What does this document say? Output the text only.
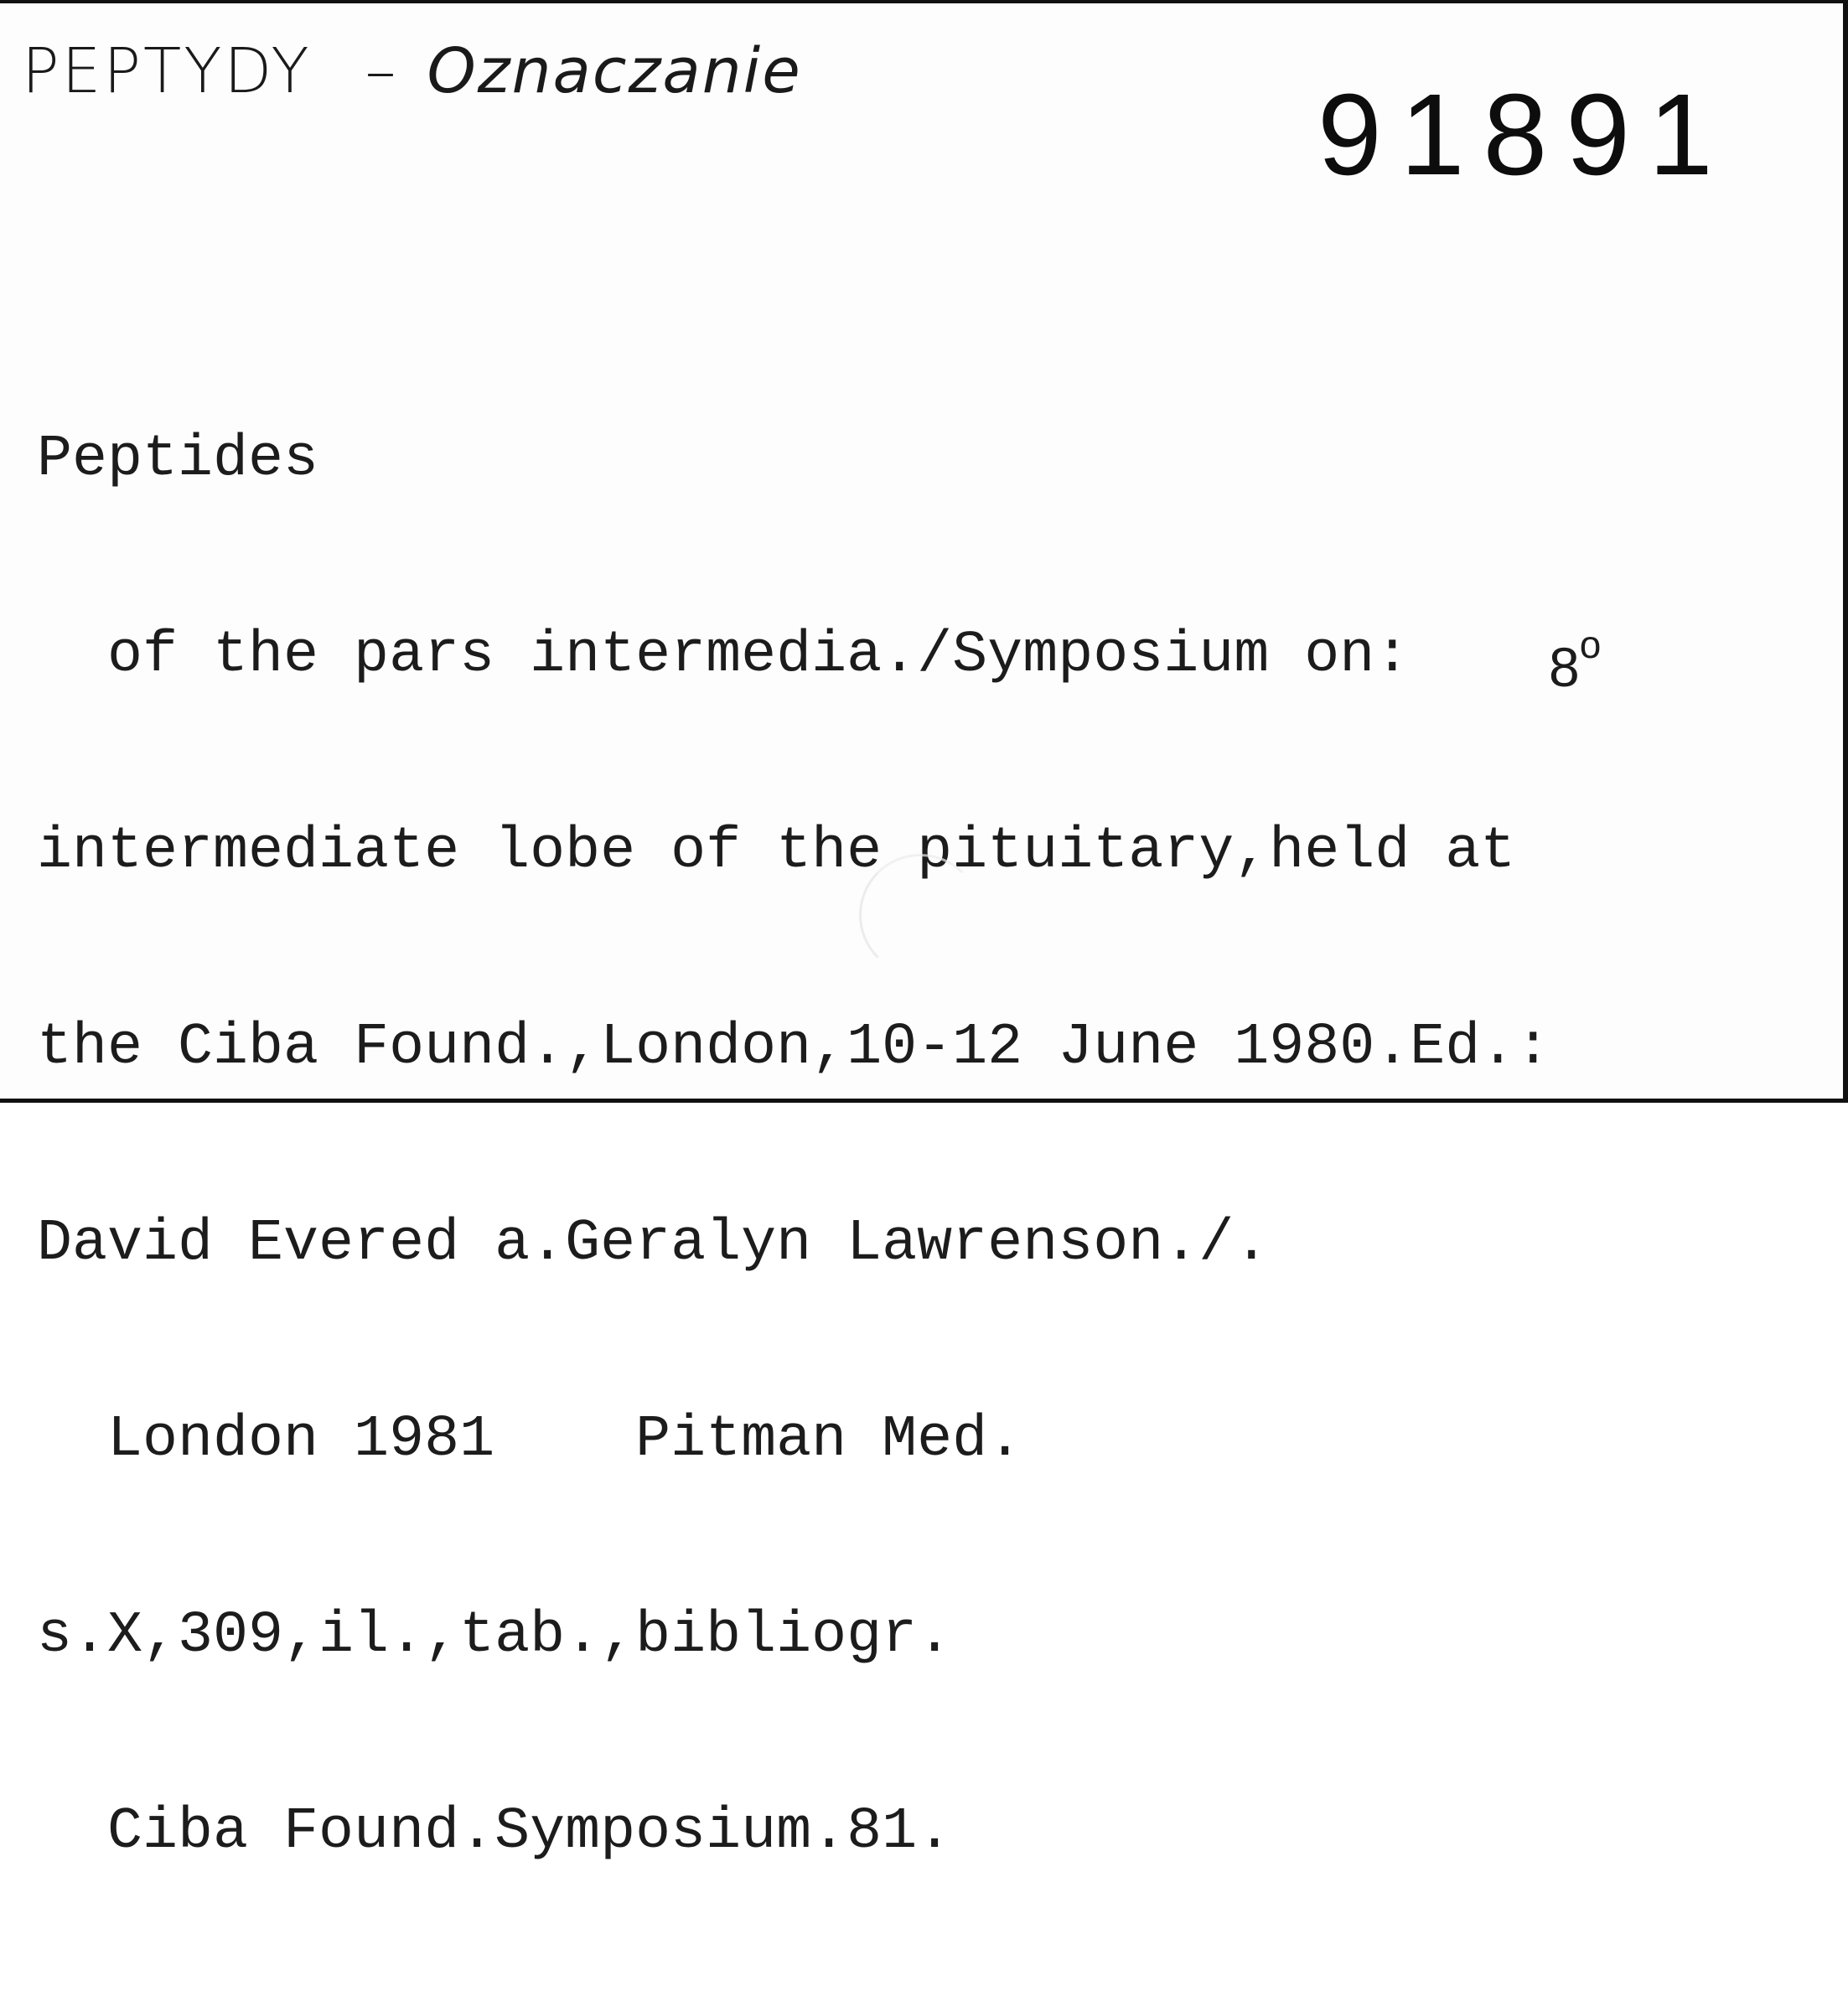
PEPTYDY – Oznaczanie	91891

Peptides

of the pars intermedia./Symposium on:

intermediate lobe of the pituitary,held at

the Ciba Found.,London,10-12 June 1980.Ed.:

David Evered a.Geralyn Lawrenson./.

London 1981    Pitman Med.

s.X,309,il.,tab.,bibliogr.

Ciba Found.Symposium.81.

8$^o$
